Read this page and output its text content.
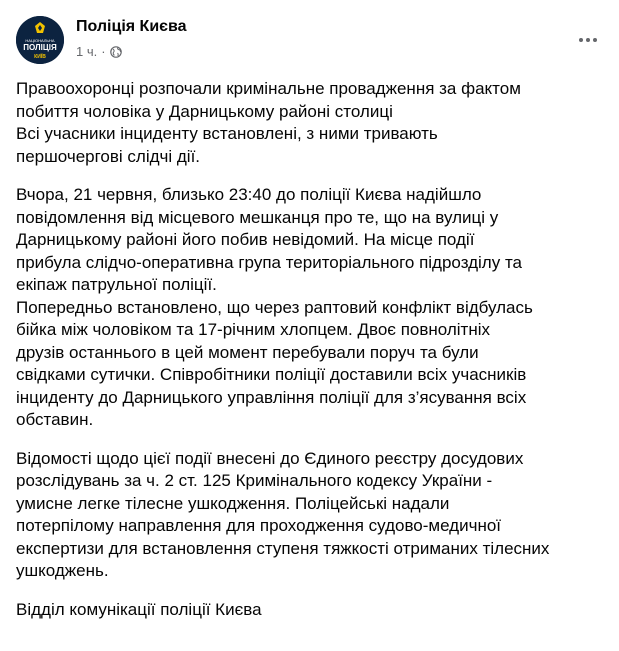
НАЦІОНАЛЬНА
ПОЛІЦІЯ
КИЇВ
Поліція Києва
1 ч. ·

Правоохоронці розпочали кримінальне провадження за фактом
побиття чоловіка у Дарницькому районі столиці
Всі учасники інциденту встановлені, з ними тривають
першочергові слідчі дії.

Вчора, 21 червня, близько 23:40 до поліції Києва надійшло
повідомлення від місцевого мешканця про те, що на вулиці у
Дарницькому районі його побив невідомий. На місце події
прибула слідчо-оперативна група територіального підрозділу та
екіпаж патрульної поліції.
Попередньо встановлено, що через раптовий конфлікт відбулась
бійка між чоловіком та 17-річним хлопцем. Двоє повнолітніх
друзів останнього в цей момент перебували поруч та були
свідками сутички. Співробітники поліції доставили всіх учасників
інциденту до Дарницького управління поліції для з’ясування всіх
обставин.

Відомості щодо цієї події внесені до Єдиного реєстру досудових
розслідувань за ч. 2 ст. 125 Кримінального кодексу України -
умисне легке тілесне ушкодження. Поліцейські надали
потерпілому направлення для проходження судово-медичної
експертизи для встановлення ступеня тяжкості отриманих тілесних
ушкоджень.

Відділ комунікації поліції Києва
